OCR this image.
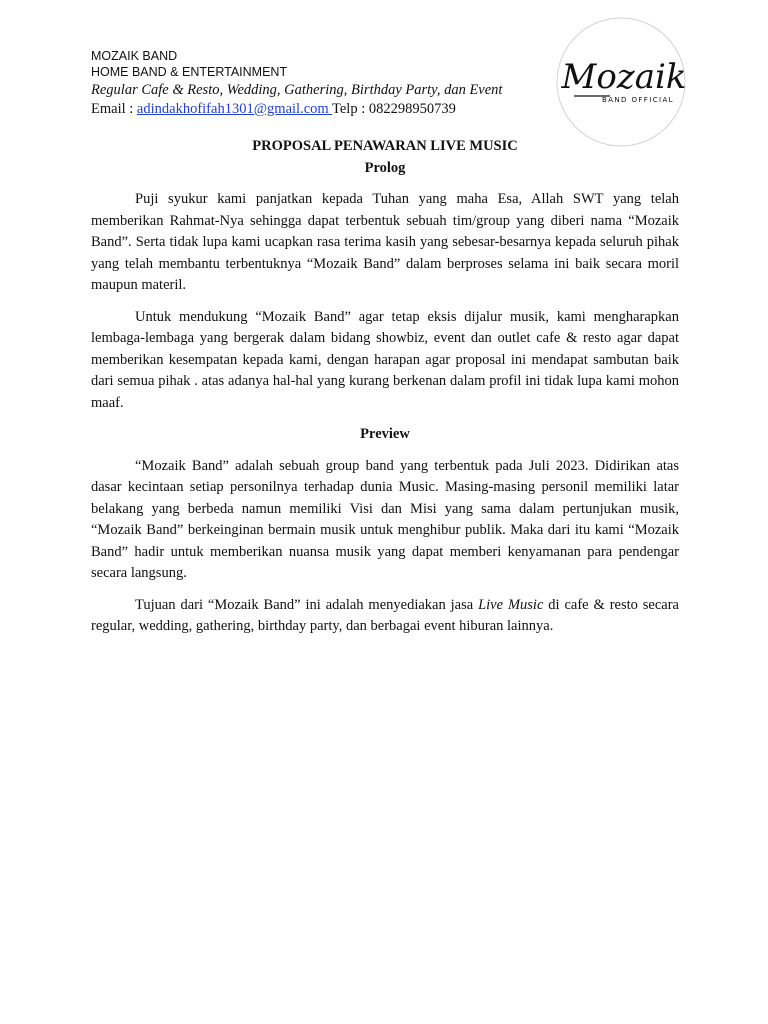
MOZAIK BAND
HOME BAND & ENTERTAINMENT
Regular Cafe & Resto, Wedding, Gathering, Birthday Party, dan Event
Email : adindakhofifah1301@gmail.com Telp : 082298950739
Mozaik
BAND OFFICIAL
PROPOSAL PENAWARAN LIVE MUSIC
Prolog

Puji syukur kami panjatkan kepada Tuhan yang maha Esa, Allah SWT yang telah memberikan Rahmat-Nya sehingga dapat terbentuk sebuah tim/group yang diberi nama “Mozaik Band”. Serta tidak lupa kami ucapkan rasa terima kasih yang sebesar-besarnya kepada seluruh pihak yang telah membantu terbentuknya “Mozaik Band” dalam berproses selama ini baik secara moril maupun materil.

Untuk mendukung “Mozaik Band” agar tetap eksis dijalur musik, kami mengharapkan lembaga-lembaga yang bergerak dalam bidang showbiz, event dan outlet cafe & resto agar dapat memberikan kesempatan kepada kami, dengan harapan agar proposal ini mendapat sambutan baik dari semua pihak . atas adanya hal-hal yang kurang berkenan dalam profil ini tidak lupa kami mohon maaf.

Preview

“Mozaik Band” adalah sebuah group band yang terbentuk pada Juli 2023. Didirikan atas dasar kecintaan setiap personilnya terhadap dunia Music. Masing-masing personil memiliki latar belakang yang berbeda namun memiliki Visi dan Misi yang sama dalam pertunjukan musik, “Mozaik Band” berkeinginan bermain musik untuk menghibur publik. Maka dari itu kami “Mozaik Band” hadir untuk memberikan nuansa musik yang dapat memberi kenyamanan para pendengar secara langsung.

Tujuan dari “Mozaik Band” ini adalah menyediakan jasa Live Music di cafe & resto secara regular, wedding, gathering, birthday party, dan berbagai event hiburan lainnya.
